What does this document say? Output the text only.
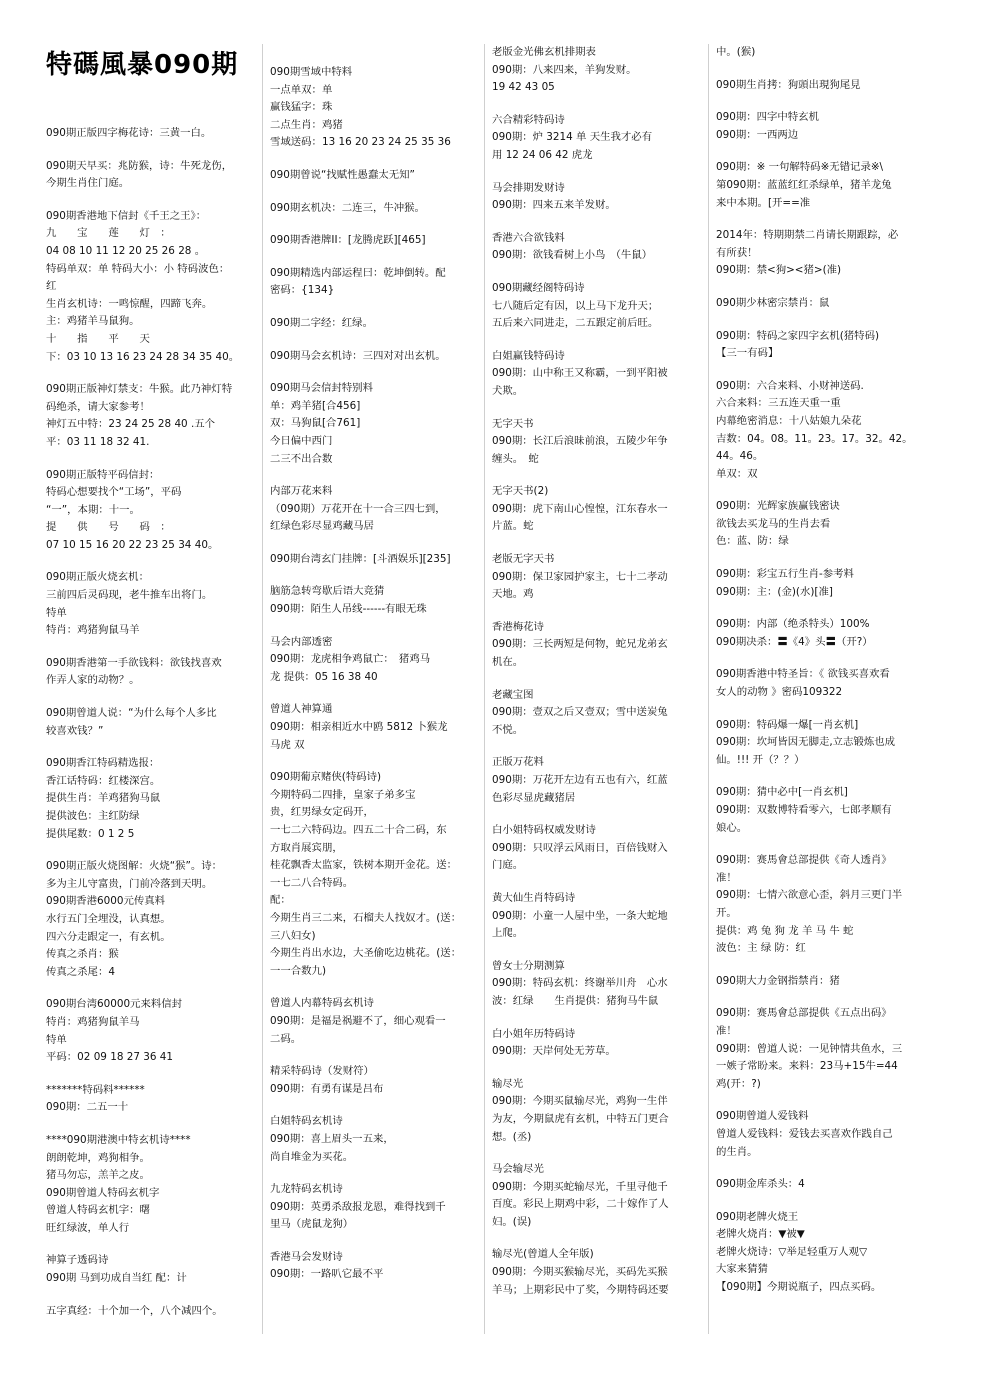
特碼風暴090期
090期正版四字梅花诗：三黄一白。
090期天早买：兆防猴，诗：牛死龙伤，
今期生肖住门庭。
090期香港地下信封《千王之王》：
九　　宝　　莲　　灯　：
04 08 10 11 12 20 25 26 28 。
特码单双：单 特码大小：小 特码波色：
红
生肖玄机诗：一鸣惊醒，四蹄飞奔。
主：鸡猪羊马鼠狗。
十　　指　　平　　天
下：03 10 13 16 23 24 28 34 35 40。
090期正版神灯禁支：牛猴。此乃神灯特
码绝杀，请大家参考！
神灯五中特：23 24 25 28 40 .五个
平：03 11 18 32 41.
090期正版特平码信封：
特码心想要找个“工场”，平码
“一”，本期：十一。
提　　供　　号　　码　：
07 10 15 16 20 22 23 25 34 40。
090期正版火烧玄机：
三前四后灵码现，老牛推车出将门。
特单
特肖：鸡猪狗鼠马羊
090期香港第一手欲钱料：欲钱找喜欢
作弄人家的动物？。
090期曾道人说：“为什么每个人多比
较喜欢钱？”
090期香江特码精选报：
香江话特码：红楼深宫。
提供生肖：羊鸡猪狗马鼠
提供波色：主红防绿
提供尾数：0 1 2 5
090期正版火烧图解：火烧“猴”。诗：
多为主儿守富贵，门前冷落到天明。
090期香港6000元传真料
水行五门全埋没，认真想。
四六分走跟定一，有玄机。
传真之杀肖：猴
传真之杀尾：4
090期台湾60000元来料信封
特肖：鸡猪狗鼠羊马
特单
平码：02 09 18 27 36 41
*******特码料******
090期：二五一十
****090期港澳中特玄机诗****
朗朗乾坤，鸡狗相争。
猪马勿忘，羔羊之皮。
090期曾道人特码玄机字
曾道人特码玄机字：曙
旺红绿波，单人行
神算子透码诗
090期 马到功成自当红 配：计
五字真经：十个加一个，八个减四个。
090期雪域中特料
一点单双：单
赢钱猛字：珠
二点生肖：鸡猪
雪域送码：13 16 20 23 24 25 35 36
090期曾说“找赋性愚蠢太无知”
090期玄机决：二连三，牛冲猴。
090期香港牌II：[龙腾虎跃][465]
090期精选内部运程曰：乾坤倒转。配
密码：{134}
090期二字经：红绿。
090期马会玄机诗：三四对对出玄机。
090期马会信封特别料
单：鸡羊猪[合456]
双：马狗鼠[合761]
今日偏中西门
二三不出合数
内部万花来料
（090期）万花开在十一合三四七到，
红绿色彩尽显鸡藏马居
090期台湾玄门挂牌：[斗酒娱乐][235]
脑筋急转弯歇后语大竞猜
090期：陌生人吊线------有眼无珠
马会内部透密
090期：龙虎相争鸡鼠亡：　猪鸡马
龙 提供：05 16 38 40
曾道人神算通
090期：相亲相近水中鸥 5812 卜猴龙
马虎 双
090期葡京赌侠(特码诗)
今期特码二四排，皇家子弟多宝
贵，红男绿女定码开，
一七二六特码边。四五二十合二码，东
方取肖展宾朋，
桂花飘香太监家，铁树本期开金花。送：
一七二八合特码。
配：
今期生肖三二来，石榴夫人找奴才。(送：
三八妇女)
今期生肖出水边，大圣偷吃边桃花。(送：
一一合数九)
曾道人内幕特码玄机诗
090期：是福是祸避不了，细心观看一
二码。
精采特码诗（发财符）
090期：有勇有谋是吕布
白姐特码玄机诗
090期：喜上眉头一五来，
尚自堆金为买花。
九龙特码玄机诗
090期：英勇杀敌报龙恩，难得找到千
里马（虎鼠龙狗）
香港马会发财诗
090期：一路叭它最不平
老版金光佛玄机排期表
090期：八来四来，羊狗发财。
19 42 43 05
六合精彩特码诗
090期：炉 3214 单 天生我才必有
用 12 24 06 42 虎龙
马会排期发财诗
090期：四来五来羊发财。
香港六合欲钱料
090期：欲钱看树上小鸟　（牛鼠）
090期藏经阁特码诗
七八随后定有因，以上马下龙升天；
五后来六同进走，二五跟定前后旺。
白姐赢钱特码诗
090期：山中称王又称霸，一到平阳被
犬欺。
无字天书
090期：长江后浪昧前浪，五陵少年争
缠头。　蛇
无字天书(2)
090期：虎下南山心惶惶，江东春水一
片蓝。蛇
老版无字天书
090期：保卫家园护家主，七十二孝动
天地。鸡
香港梅花诗
090期：三长两短是何物，蛇兄龙弟玄
机在。
老藏宝图
090期：壹双之后又壹双；雪中送炭兔
不悦。
正版万花料
090期：万花开左边有五也有六，红蓝
色彩尽显虎藏猪居
白小姐特码权威发财诗
090期：只叹浮云风雨日，百倍钱财入
门庭。
黄大仙生肖特码诗
090期：小童一人屋中坐，一条大蛇地
上爬。
曾女士分期测算
090期：特码玄机：终谢举川舟　心水
波：红绿　　生肖提供：猪狗马牛鼠
白小姐年历特码诗
090期：天岸何处无芳草。
输尽光
090期：今期买鼠输尽光，鸡狗一生伴
为友，今期鼠虎有玄机，中特五门更合
想。(丞)
马会输尽光
090期：今期买蛇输尽光，千里寻他千
百度。彩民上期鸡中彩，二十嫁作了人
妇。(误)
输尽光(曾道人全年版)
090期：今期买猴输尽光，买码先买猴
羊马；上期彩民中了奖，今期特码还要
中。(猴)
090期生肖拷：狗頭出現狗尾見
090期：四字中特玄机
090期：一西两边
090期：※ 一句解特码※无错记录※\
第090期：蓝蓝红红杀绿单，猪羊龙兔
来中本期。[开==准
2014年：特期期禁二肖请长期跟踪，必
有所获！
090期：禁<狗><猪>(准)
090期少林密宗禁肖：鼠
090期：特码之家四字玄机(猪特码)
【三一有码】
090期：六合来料、小财神送码.
六合来料：三五连天重一重
内幕绝密消息：十八姑娘九朵花
吉数：04。08。11。23。17。32。42。
44。46。
单双：双
090期：光辉家族赢钱密诀
欲钱去买龙马的生肖去看
色：蓝、防：绿
090期：彩宝五行生肖-参考料
090期：主：(金)(水)[准]
090期：内部（绝杀特头）100%
090期决杀：〓《4》头〓（开?）
090期香港中特圣旨：《 欲钱买喜欢看
女人的动物 》密码109322
090期：特码爆一爆[一肖玄机]
090期：坎坷皆因无脚走,立志锻炼也成
仙。!!! 开（？？）
090期：猜中必中[一肖玄机]
090期：双数博特看零六，七郎孝顺有
娘心。
090期：赛馬會总部提供《奇人透肖》
准！
090期：七情六欲意心歪，斜月三更门半
开。
提供：鸡 兔 狗 龙 羊 马 牛 蛇
波色：主 绿 防：红
090期大力金钢指禁肖：猪
090期：赛馬會总部提供《五点出码》
准！
090期：曾道人说：一见钟情共鱼水，三
一嫉子常盼来。来料：23马+15牛=44
鸡(开：?)
090期曾道人爱钱料
曾道人爱钱料：爱钱去买喜欢作践自己
的生肖。
090期金库杀头：4
090期老牌火烧王
老牌火烧肖：▼被▼
老牌火烧诗：▽举足轻重万人观▽
大家来猜猜
【090期】今期说瓶子，四点买码。
